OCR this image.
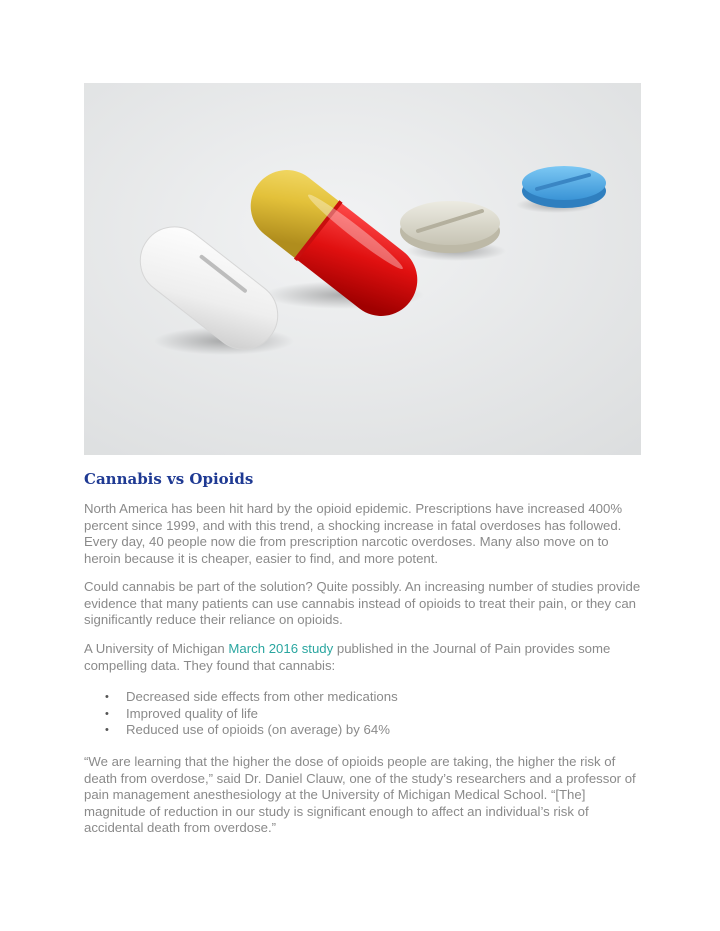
Cannabis vs Opioids

North America has been hit hard by the opioid epidemic. Prescriptions have increased 400% percent since 1999, and with this trend, a shocking increase in fatal overdoses has followed. Every day, 40 people now die from prescription narcotic overdoses. Many also move on to heroin because it is cheaper, easier to find, and more potent.

Could cannabis be part of the solution? Quite possibly. An increasing number of studies provide evidence that many patients can use cannabis instead of opioids to treat their pain, or they can significantly reduce their reliance on opioids.

A University of Michigan March 2016 study published in the Journal of Pain provides some compelling data. They found that cannabis:

• Decreased side effects from other medications
• Improved quality of life
• Reduced use of opioids (on average) by 64%

“We are learning that the higher the dose of opioids people are taking, the higher the risk of death from overdose,” said Dr. Daniel Clauw, one of the study’s researchers and a professor of pain management anesthesiology at the University of Michigan Medical School. “[The] magnitude of reduction in our study is significant enough to affect an individual’s risk of accidental death from overdose.”
